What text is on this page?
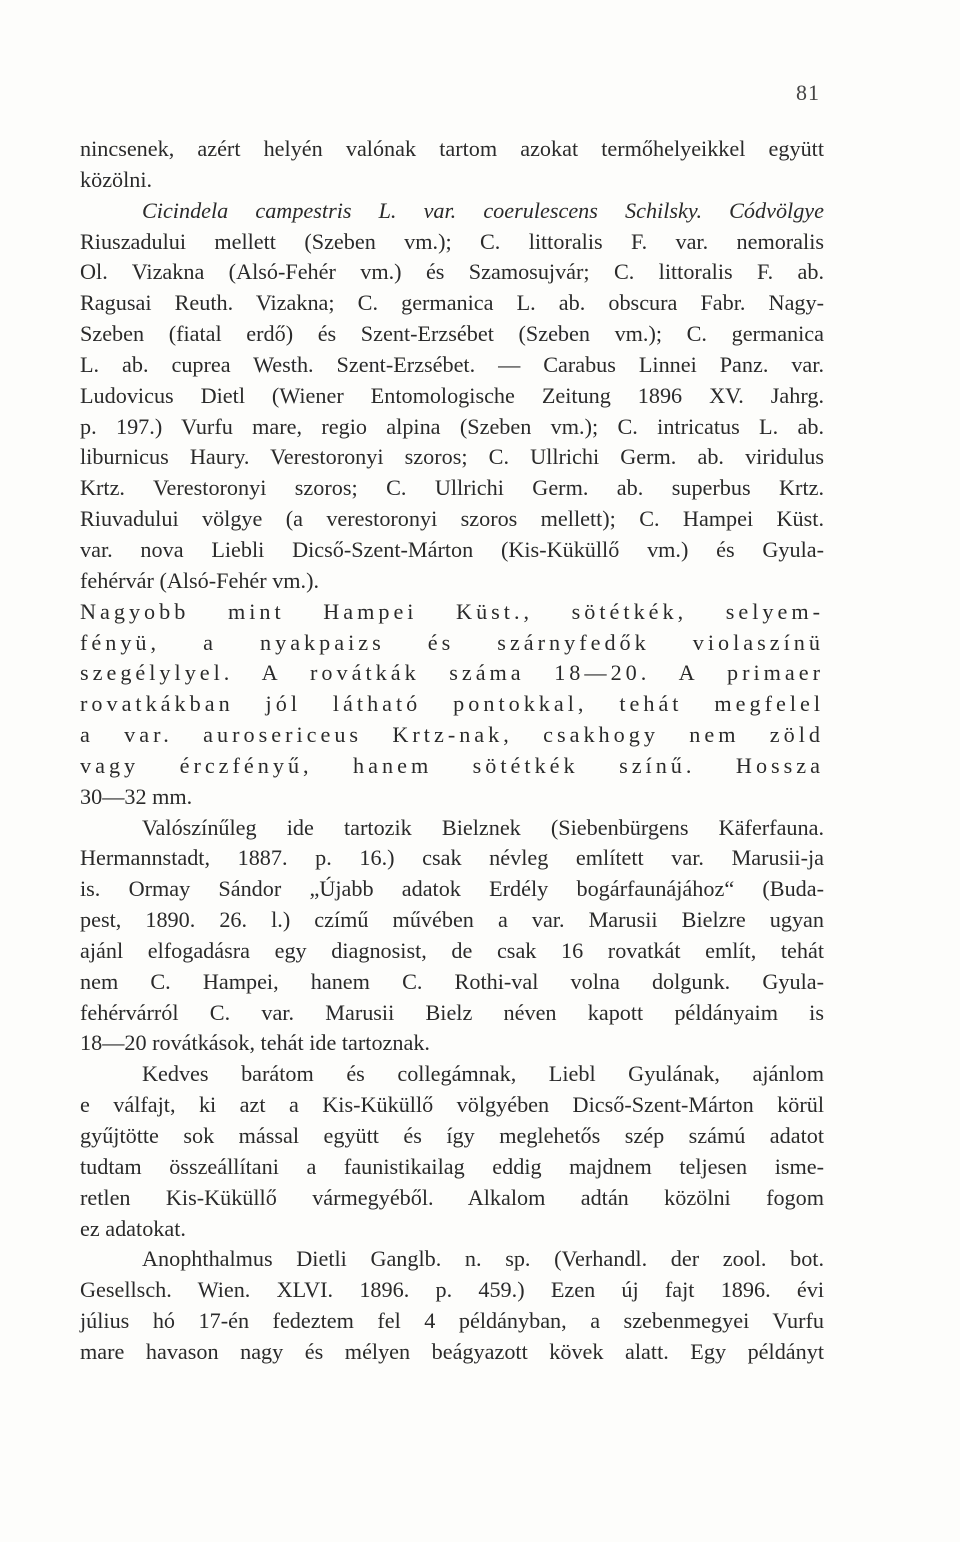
81

nincsenek, azért helyén valónak tartom azokat termőhelyeikkel együtt
közölni.

Cicindela campestris L. var. coerulescens Schilsky. Códvölgye
Riuszadului mellett (Szeben vm.); C. littoralis F. var. nemoralis
Ol. Vizakna (Alsó-Fehér vm.) és Szamosujvár; C. littoralis F. ab.
Ragusai Reuth. Vizakna; C. germanica L. ab. obscura Fabr. Nagy-
Szeben (fiatal erdő) és Szent-Erzsébet (Szeben vm.); C. germanica
L. ab. cuprea Westh. Szent-Erzsébet. — Carabus Linnei Panz. var.
Ludovicus Dietl (Wiener Entomologische Zeitung 1896 XV. Jahrg.
p. 197.) Vurfu mare, regio alpina (Szeben vm.); C. intricatus L. ab.
liburnicus Haury. Verestoronyi szoros; C. Ullrichi Germ. ab. viridulus
Krtz. Verestoronyi szoros; C. Ullrichi Germ. ab. superbus Krtz.
Riuvadului völgye (a verestoronyi szoros mellett); C. Hampei Küst.
var. nova Liebli Dicső-Szent-Márton (Kis-Küküllő vm.) és Gyula-
fehérvár (Alsó-Fehér vm.).
Nagyobb mint Hampei Küst., sötétkék, selyem-
fényü, a nyakpaizs és szárnyfedők violaszínü
szegélylyel. A rovátkák száma 18—20. A primaer
rovatkákban jól látható pontokkal, tehát megfelel
a var. aurosericeus Krtz-nak, csakhogy nem zöld
vagy érczfényű, hanem sötétkék színű. Hossza
30—32 mm.

Valószínűleg ide tartozik Bielznek (Siebenbürgens Käferfauna.
Hermannstadt, 1887. p. 16.) csak névleg említett var. Marusii-ja
is. Ormay Sándor „Újabb adatok Erdély bogárfaunájához“ (Buda-
pest, 1890. 26. l.) czímű művében a var. Marusii Bielzre ugyan
ajánl elfogadásra egy diagnosist, de csak 16 rovatkát említ, tehát
nem C. Hampei, hanem C. Rothi-val volna dolgunk. Gyula-
fehérvárról C. var. Marusii Bielz néven kapott példányaim is
18—20 rovátkások, tehát ide tartoznak.

Kedves barátom és collegámnak, Liebl Gyulának, ajánlom
e válfajt, ki azt a Kis-Küküllő völgyében Dicső-Szent-Márton körül
gyűjtötte sok mással együtt és így meglehetős szép számú adatot
tudtam összeállítani a faunistikailag eddig majdnem teljesen isme-
retlen Kis-Küküllő vármegyéből. Alkalom adtán közölni fogom
ez adatokat.

Anophthalmus Dietli Ganglb. n. sp. (Verhandl. der zool. bot.
Gesellsch. Wien. XLVI. 1896. p. 459.) Ezen új fajt 1896. évi
július hó 17-én fedeztem fel 4 példányban, a szebenmegyei Vurfu
mare havason nagy és mélyen beágyazott kövek alatt. Egy példányt
